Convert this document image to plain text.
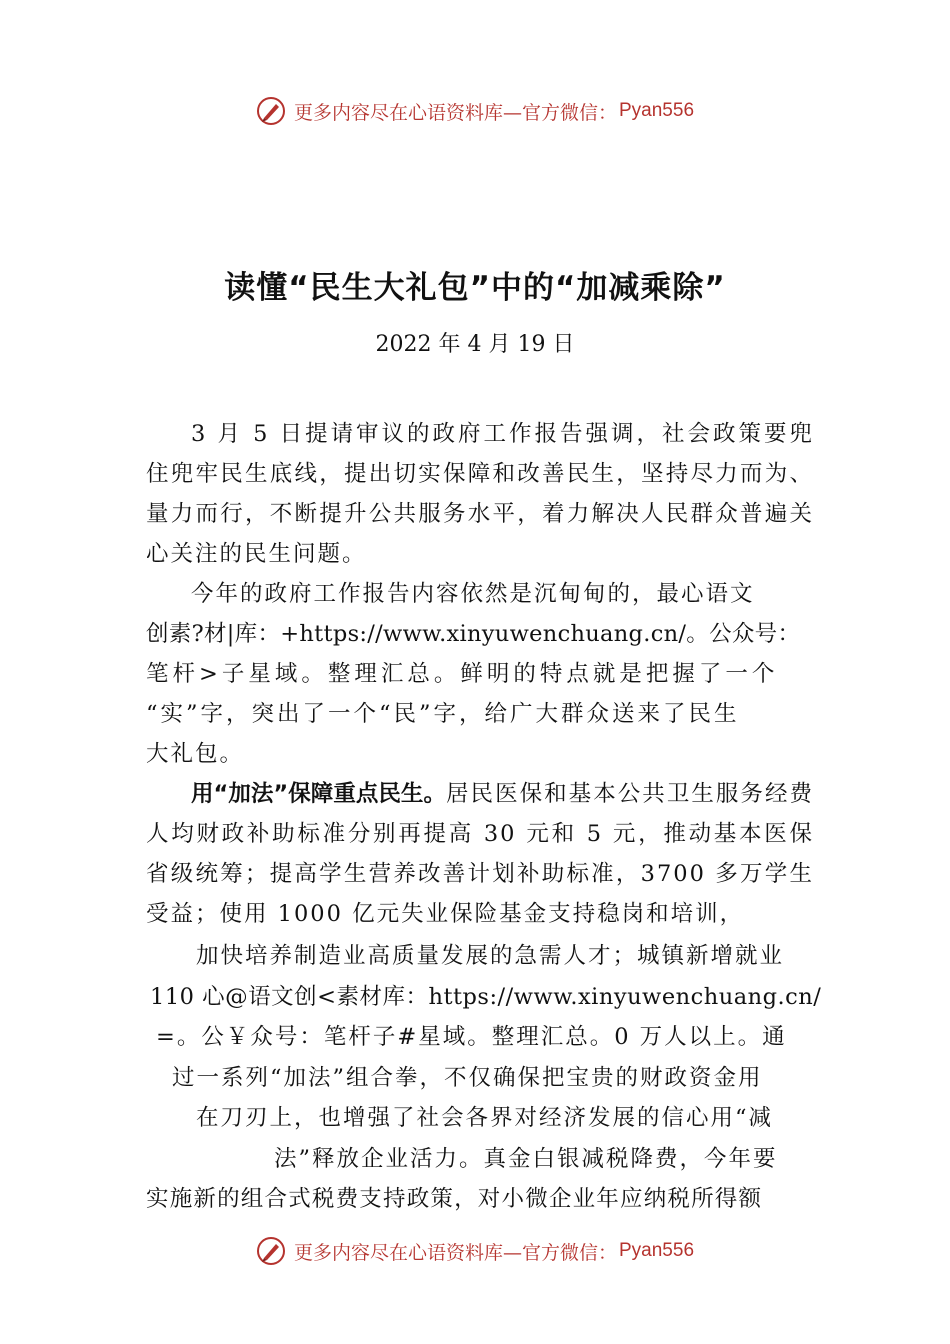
更多内容尽在心语资料库—官方微信： Pyan556
读懂“民生大礼包”中的“加减乘除”
2022 年 4 月 19 日

3 月 5 日提请审议的政府工作报告强调，社会政策要兜住兜牢民生底线，提出切实保障和改善民生，坚持尽力而为、量力而行，不断提升公共服务水平，着力解决人民群众普遍关心关注的民生问题。

今年的政府工作报告内容依然是沉甸甸的，最心语文
创素?材|库：+https://www.xinyuwenchuang.cn/。公众号：
笔杆>子星域。整理汇总。鲜明的特点就是把握了一个
“实”字，突出了一个“民”字，给广大群众送来了民生
大礼包。

用“加法”保障重点民生。居民医保和基本公共卫生服务经费人均财政补助标准分别再提高 30 元和 5 元，推动基本医保省级统筹；提高学生营养改善计划补助标准，3700 多万学生受益；使用 1000 亿元失业保险基金支持稳岗和培训，

加快培养制造业高质量发展的急需人才；城镇新增就业
110 心@语文创<素材库：https://www.xinyuwenchuang.cn/
=。公￥众号：笔杆子#星域。整理汇总。0 万人以上。通
过一系列“加法”组合拳，不仅确保把宝贵的财政资金用
在刀刃上，也增强了社会各界对经济发展的信心用“减
法”释放企业活力。真金白银减税降费，今年要
实施新的组合式税费支持政策，对小微企业年应纳税所得额
更多内容尽在心语资料库—官方微信： Pyan556
